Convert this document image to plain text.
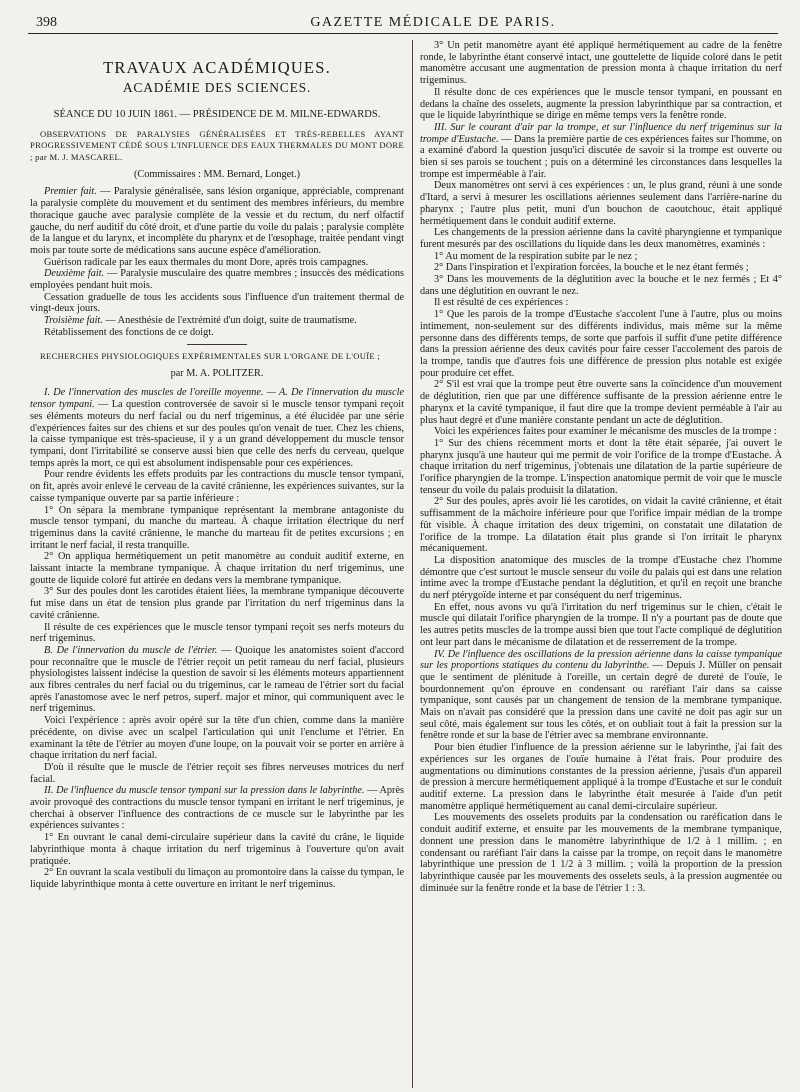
398	GAZETTE MÉDICALE DE PARIS.
TRAVAUX ACADÉMIQUES.
ACADÉMIE DES SCIENCES.
SÉANCE DU 10 JUIN 1861. — PRÉSIDENCE DE M. MILNE-EDWARDS.
OBSERVATIONS DE PARALYSIES GÉNÉRALISÉES ET TRÈS-REBELLES AYANT PROGRESSIVEMENT CÉDÉ SOUS L'INFLUENCE DES EAUX THERMALES DU MONT DORE ; par M. J. MASCAREL.
(Commissaires : MM. Bernard, Longet.)

Premier fait. — Paralysie généralisée, sans lésion organique, appréciable, comprenant la paralysie complète du mouvement et du sentiment des membres inférieurs, du membre thoracique gauche avec paralysie complète de la vessie et du rectum, du nerf olfactif gauche, du nerf auditif du côté droit, et d'une partie du voile du palais ; paralysie complète de la langue et du larynx, et incomplète du pharynx et de l'œsophage, traitée pendant vingt mois par toute sorte de médications sans aucune espèce d'amélioration.

Guérison radicale par les eaux thermales du mont Dore, après trois campagnes.

Deuxième fait. — Paralysie musculaire des quatre membres ; insuccès des médications employées pendant huit mois.

Cessation graduelle de tous les accidents sous l'influence d'un traitement thermal de vingt-deux jours.

Troisième fait. — Anesthésie de l'extrémité d'un doigt, suite de traumatisme.

Rétablissement des fonctions de ce doigt.

RECHERCHES PHYSIOLOGIQUES EXPÉRIMENTALES SUR L'ORGANE DE L'OUÏE ;
par M. A. POLITZER.

I. De l'innervation des muscles de l'oreille moyenne. — A. De l'innervation du muscle tensor tympani. — La question controversée de savoir si le muscle tensor tympani reçoit ses éléments moteurs du nerf facial ou du nerf trigeminus, a été élucidée par une série d'expériences faites sur des chiens et sur des poules qu'on venait de tuer. Chez les chiens, la caisse tympanique est très-spacieuse, il y a un grand développement du muscle tensor tympani, dont l'irritabilité se conserve aussi bien que celle des nerfs du cerveau, quelque temps après la mort, ce qui est absolument indispensable pour ces expériences.

Pour rendre évidents les effets produits par les contractions du muscle tensor tympani, on fit, après avoir enlevé le cerveau de la cavité crânienne, les expériences suivantes, sur la caisse tympanique ouverte par sa partie inférieure :

1° On sépara la membrane tympanique représentant la membrane antagoniste du muscle tensor tympani, du manche du marteau. À chaque irritation électrique du nerf trigeminus dans la cavité crânienne, le manche du marteau fit de petites excursions ; en irritant le nerf facial, il resta tranquille.

2° On appliqua hermétiquement un petit manomètre au conduit auditif externe, en laissant intacte la membrane tympanique. À chaque irritation du nerf trigeminus, une goutte de liquide coloré fut attirée en dedans vers la membrane tympanique.

3° Sur des poules dont les carotides étaient liées, la membrane tympanique découverte fut mise dans un état de tension plus grande par l'irritation du nerf trigeminus dans la cavité crânienne.

Il résulte de ces expériences que le muscle tensor tympani reçoit ses nerfs moteurs du nerf trigeminus.

B. De l'innervation du muscle de l'étrier. — Quoique les anatomistes soient d'accord pour reconnaître que le muscle de l'étrier reçoit un petit rameau du nerf facial, plusieurs physiologistes laissent indécise la question de savoir si les éléments moteurs appartiennent aux fibres centrales du nerf facial ou du trigeminus, car le rameau de l'étrier sort du facial après l'anastomose avec le nerf petros, superf. major et minor, qui communiquent avec le nerf trigeminus.

Voici l'expérience : après avoir opéré sur la tête d'un chien, comme dans la manière précédente, on divise avec un scalpel l'articulation qui unit l'enclume et l'étrier. En examinant la tête de l'étrier au moyen d'une loupe, on la pouvait voir se porter en arrière à chaque irritation du nerf facial.

D'où il résulte que le muscle de l'étrier reçoit ses fibres nerveuses motrices du nerf facial.

II. De l'influence du muscle tensor tympani sur la pression dans le labyrinthe. — Après avoir provoqué des contractions du muscle tensor tympani en irritant le nerf trigeminus, je cherchai à observer l'influence des contractions de ce muscle sur le labyrinthe par les expériences suivantes :

1° En ouvrant le canal demi-circulaire supérieur dans la cavité du crâne, le liquide labyrinthique monta à chaque irritation du nerf trigeminus à l'ouverture qu'on avait pratiquée.

2° En ouvrant la scala vestibuli du limaçon au promontoire dans la caisse du tympan, le liquide labyrinthique monta à cette ouverture en irritant le nerf trigeminus.

3° Un petit manomètre ayant été appliqué hermétiquement au cadre de la fenêtre ronde, le labyrinthe étant conservé intact, une gouttelette de liquide coloré dans le petit manomètre accusant une augmentation de pression monta à chaque irritation du nerf trigeminus.

Il résulte donc de ces expériences que le muscle tensor tympani, en poussant en dedans la chaîne des osselets, augmente la pression labyrinthique par sa contraction, et que le liquide labyrinthique se dirige en même temps vers la fenêtre ronde.

III. Sur le courant d'air par la trompe, et sur l'influence du nerf trigeminus sur la trompe d'Eustache. — Dans la première partie de ces expériences faites sur l'homme, on a examiné d'abord la question jusqu'ici discutée de savoir si la trompe est ouverte ou bien si ses parois se touchent ; puis on a déterminé les circonstances dans lesquelles la trompe est imperméable à l'air.

Deux manomètres ont servi à ces expériences : un, le plus grand, réuni à une sonde d'Itard, a servi à mesurer les oscillations aériennes seulement dans l'arrière-narine du pharynx ; l'autre plus petit, muni d'un bouchon de caoutchouc, était appliqué hermétiquement dans le conduit auditif externe.

Les changements de la pression aérienne dans la cavité pharyngienne et tympanique furent mesurés par des oscillations du liquide dans les deux manomètres, examinés :

1° Au moment de la respiration subite par le nez ;

2° Dans l'inspiration et l'expiration forcées, la bouche et le nez étant fermés ;

3° Dans les mouvements de la déglutition avec la bouche et le nez fermés ; Et 4° dans une déglutition en ouvrant le nez.

Il est résulté de ces expériences :

1° Que les parois de la trompe d'Eustache s'accolent l'une à l'autre, plus ou moins intimement, non-seulement sur des différents individus, mais même sur la même personne dans des différents temps, de sorte que parfois il suffit d'une petite différence dans la pression aérienne des deux cavités pour faire cesser l'accolement des parois de la trompe, tandis que d'autres fois une différence de pression plus notable est exigée pour produire cet effet.

2° S'il est vrai que la trompe peut être ouverte sans la coïncidence d'un mouvement de déglutition, rien que par une différence suffisante de la pression aérienne entre le pharynx et la cavité tympanique, il faut dire que la trompe devient perméable à l'air au plus haut degré et d'une manière constante pendant un acte de déglutition.

Voici les expériences faites pour examiner le mécanisme des muscles de la trompe :

1° Sur des chiens récemment morts et dont la tête était séparée, j'ai ouvert le pharynx jusqu'à une hauteur qui me permit de voir l'orifice de la trompe d'Eustache. À chaque irritation du nerf trigeminus, j'obtenais une dilatation de la partie supérieure de l'orifice pharyngien de la trompe. L'inspection anatomique permit de voir que le muscle tenseur du voile du palais produisit la dilatation.

2° Sur des poules, après avoir lié les carotides, on vidait la cavité crânienne, et était suffisamment de la mâchoire inférieure pour que l'orifice impair médian de la trompe fût visible. À chaque irritation des deux trigemini, on constatait une dilatation de l'orifice de la trompe. La dilatation était plus grande si l'on irritait le pharynx mécaniquement.

La disposition anatomique des muscles de la trompe d'Eustache chez l'homme démontre que c'est surtout le muscle senseur du voile du palais qui est dans une relation intime avec la trompe d'Eustache pendant la déglutition, et qu'il en reçoit une branche du nerf ptérygoïde interne et par conséquent du nerf trigeminus.

En effet, nous avons vu qu'à l'irritation du nerf trigeminus sur le chien, c'était le muscle qui dilatait l'orifice pharyngien de la trompe. Il n'y a pourtant pas de doute que les autres petits muscles de la trompe aussi bien que tout l'acte compliqué de déglutition ont leur part dans le mécanisme de dilatation et de resserrement de la trompe.

IV. De l'influence des oscillations de la pression aérienne dans la caisse tympanique sur les proportions statiques du contenu du labyrinthe. — Depuis J. Müller on pensait que le sentiment de plénitude à l'oreille, un certain degré de dureté de l'ouïe, le bourdonnement qu'on éprouve en condensant ou raréfiant l'air dans sa caisse tympanique, sont causés par un changement de tension de la membrane tympanique. Mais on n'avait pas considéré que la pression dans une cavité ne doit pas agir sur un seul côté, mais également sur tous les côtés, et on oubliait tout à fait la pression sur la fenêtre ronde et sur la base de l'étrier avec sa membrane environnante.

Pour bien étudier l'influence de la pression aérienne sur le labyrinthe, j'ai fait des expériences sur les organes de l'ouïe humaine à l'état frais. Pour produire des augmentations ou diminutions constantes de la pression aérienne, j'usais d'un appareil de pression à mercure hermétiquement appliqué à la trompe d'Eustache et sur le conduit auditif externe. La pression dans le labyrinthe était mesurée à l'aide d'un petit manomètre appliqué hermétiquement au canal demi-circulaire supérieur.

Les mouvements des osselets produits par la condensation ou raréfication dans le conduit auditif externe, et ensuite par les mouvements de la membrane tympanique, donnent une pression dans le manomètre labyrinthique de 1/2 à 1 millim. ; en condensant ou raréfiant l'air dans la caisse par la trompe, on reçoit dans le manomètre labyrinthique une pression de 1 1/2 à 3 millim. ; voilà la proportion de la pression labyrinthique causée par les mouvements des osselets seuls, à la pression augmentée ou diminuée sur la fenêtre ronde et la base de l'étrier 1 : 3.
